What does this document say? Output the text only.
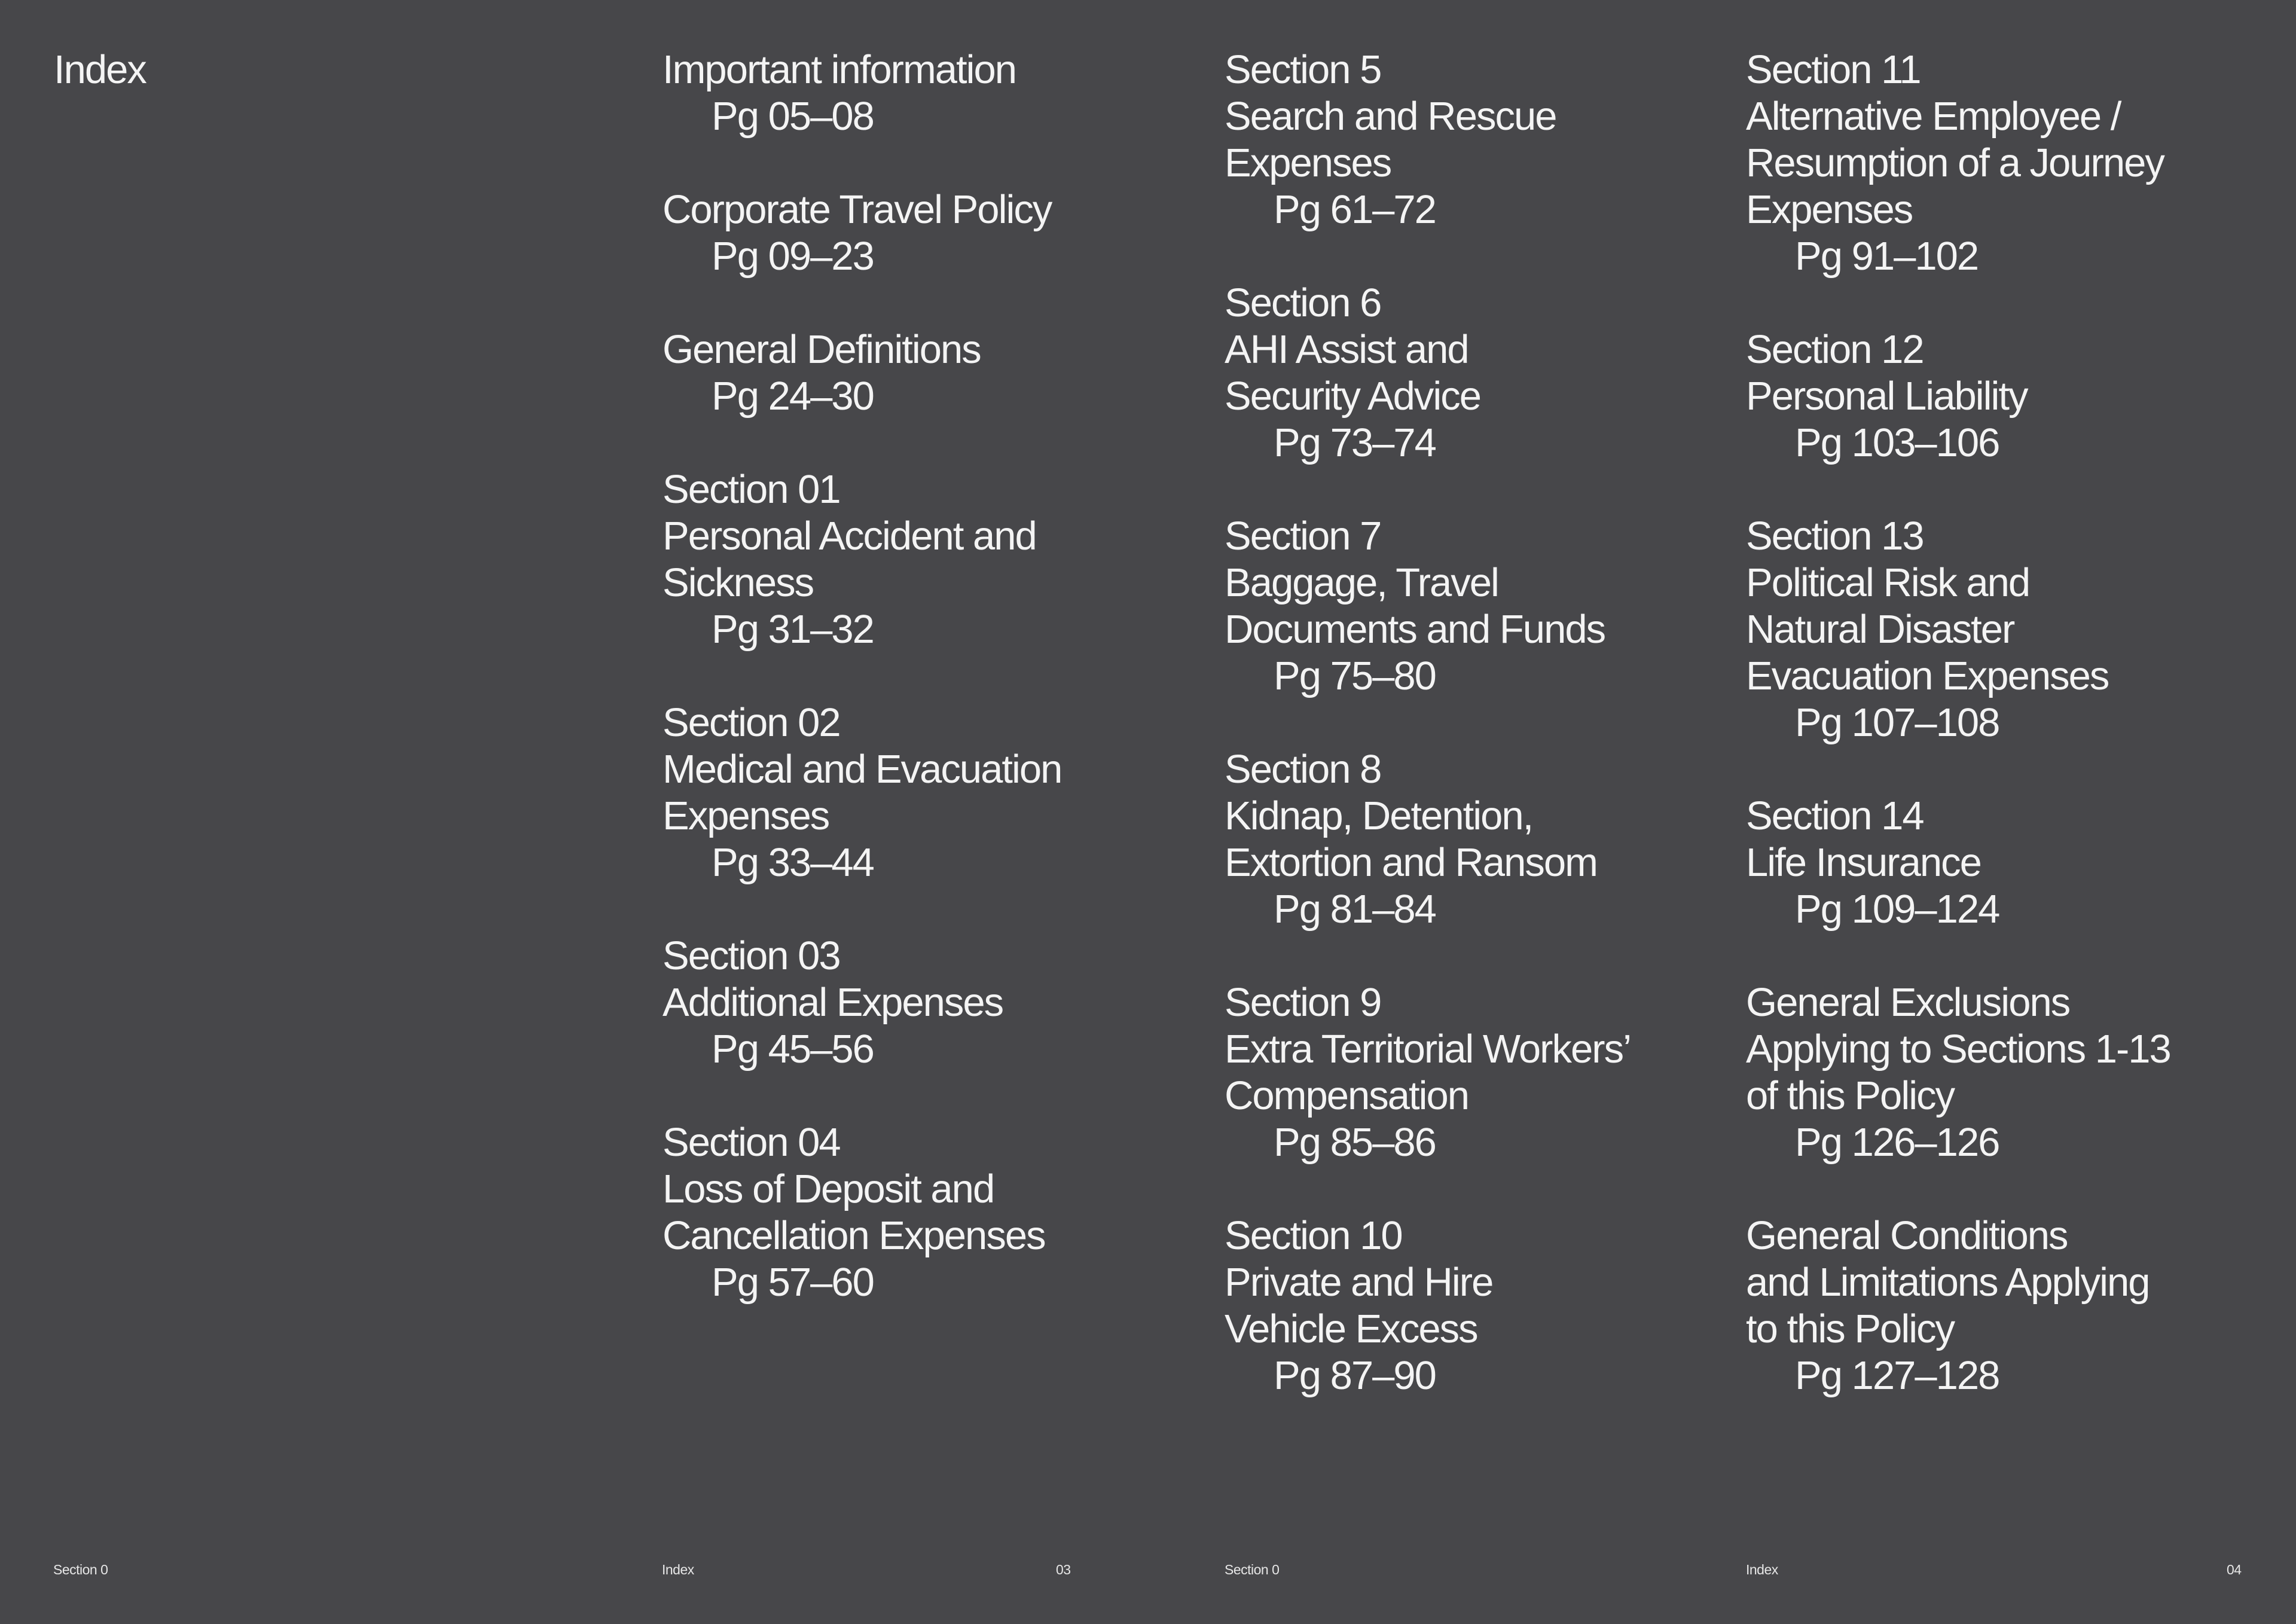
Index	Important information
Pg 05–08
Corporate Travel Policy
Pg 09–23
General Definitions
Pg 24–30
Section 01
Personal Accident and
Sickness
Pg 31–32
Section 02
Medical and Evacuation
Expenses
Pg 33–44
Section 03
Additional Expenses
Pg 45–56
Section 04
Loss of Deposit and
Cancellation Expenses
Pg 57–60
Section 5
Search and Rescue
Expenses
Pg 61–72
Section 6
AHI Assist and
Security Advice
Pg 73–74
Section 7
Baggage, Travel
Documents and Funds
Pg 75–80
Section 8
Kidnap, Detention,
Extortion and Ransom
Pg 81–84
Section 9
Extra Territorial Workers’
Compensation
Pg 85–86
Section 10
Private and Hire
Vehicle Excess
Pg 87–90
Section 11
Alternative Employee /
Resumption of a Journey
Expenses
Pg 91–102
Section 12
Personal Liability
Pg 103–106
Section 13
Political Risk and
Natural Disaster
Evacuation Expenses
Pg 107–108
Section 14
Life Insurance
Pg 109–124
General Exclusions
Applying to Sections 1-13
of this Policy
Pg 126–126
General Conditions
and Limitations Applying
to this Policy
Pg 127–128
Section 0	Index	03	Section 0	Index	04
